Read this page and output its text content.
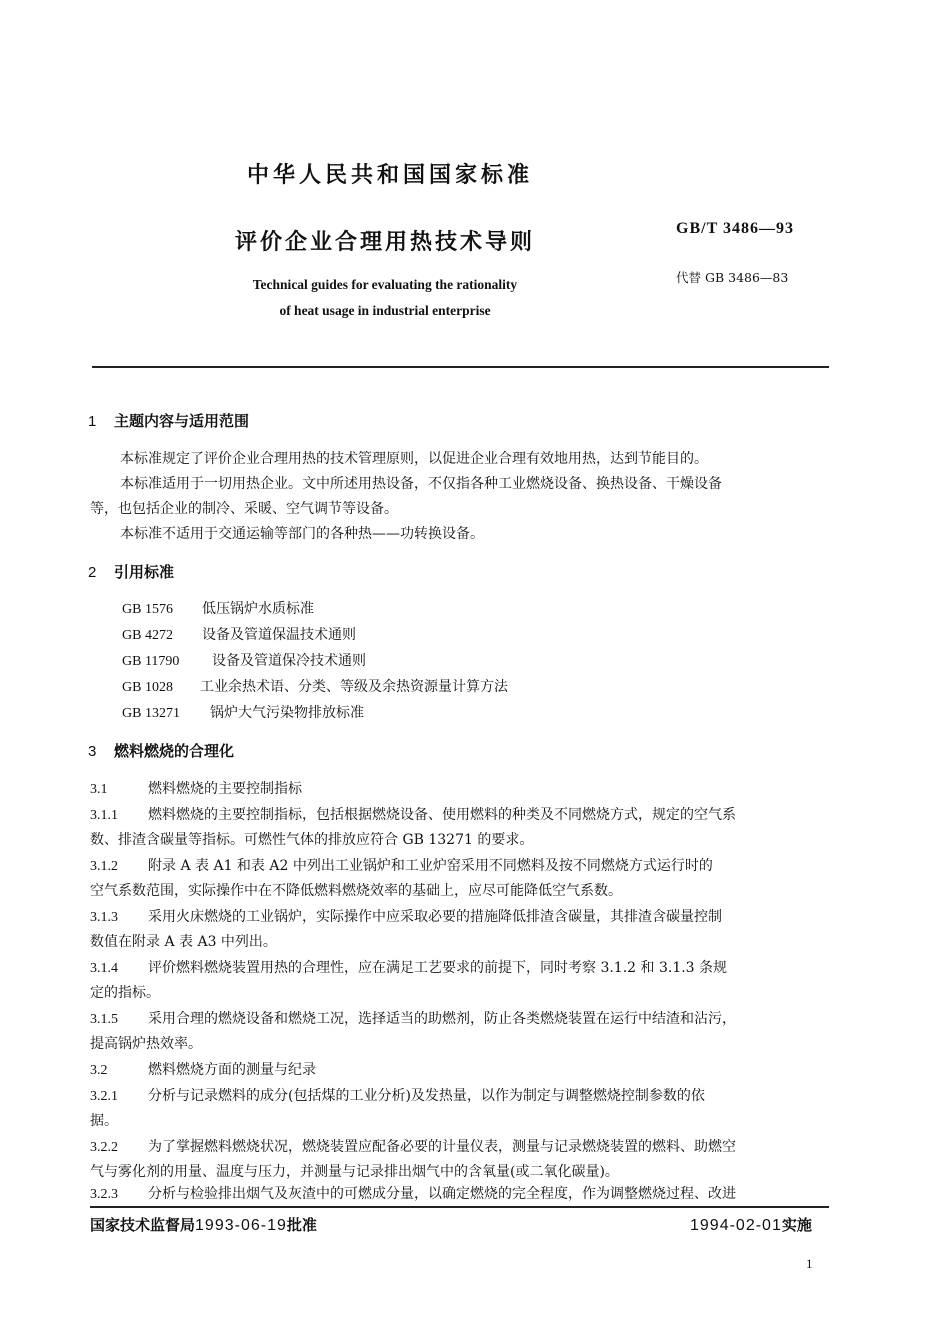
中华人民共和国国家标准
评价企业合理用热技术导则
Technical guides for evaluating the rationality
of heat usage in industrial enterprise
GB/T 3486—93
代替 GB 3486—83
1 主题内容与适用范围
本标准规定了评价企业合理用热的技术管理原则，以促进企业合理有效地用热，达到节能目的。
本标准适用于一切用热企业。文中所述用热设备，不仅指各种工业燃烧设备、换热设备、干燥设备
等，也包括企业的制冷、采暖、空气调节等设备。
本标准不适用于交通运输等部门的各种热——功转换设备。
2 引用标准
GB 1576 低压锅炉水质标准
GB 4272 设备及管道保温技术通则
GB 11790 设备及管道保冷技术通则
GB 1028 工业余热术语、分类、等级及余热资源量计算方法
GB 13271 锅炉大气污染物排放标准
3 燃料燃烧的合理化
3.1	燃料燃烧的主要控制指标
3.1.1 燃料燃烧的主要控制指标，包括根据燃烧设备、使用燃料的种类及不同燃烧方式，规定的空气系
数、排渣含碳量等指标。可燃性气体的排放应符合 GB 13271 的要求。
3.1.2 附录 A 表 A1 和表 A2 中列出工业锅炉和工业炉窑采用不同燃料及按不同燃烧方式运行时的
空气系数范围，实际操作中在不降低燃料燃烧效率的基础上，应尽可能降低空气系数。
3.1.3 采用火床燃烧的工业锅炉，实际操作中应采取必要的措施降低排渣含碳量，其排渣含碳量控制
数值在附录 A 表 A3 中列出。
3.1.4 评价燃料燃烧装置用热的合理性，应在满足工艺要求的前提下，同时考察 3.1.2 和 3.1.3 条规
定的指标。
3.1.5 采用合理的燃烧设备和燃烧工况，选择适当的助燃剂，防止各类燃烧装置在运行中结渣和沾污，
提高锅炉热效率。
3.2	燃料燃烧方面的测量与纪录
3.2.1 分析与记录燃料的成分(包括煤的工业分析)及发热量，以作为制定与调整燃烧控制参数的依
据。
3.2.2 为了掌握燃料燃烧状况，燃烧装置应配备必要的计量仪表，测量与记录燃烧装置的燃料、助燃空
气与雾化剂的用量、温度与压力，并测量与记录排出烟气中的含氧量(或二氧化碳量)。
3.2.3 分析与检验排出烟气及灰渣中的可燃成分量，以确定燃烧的完全程度，作为调整燃烧过程、改进
国家技术监督局1993-06-19批准	1994-02-01实施
1
